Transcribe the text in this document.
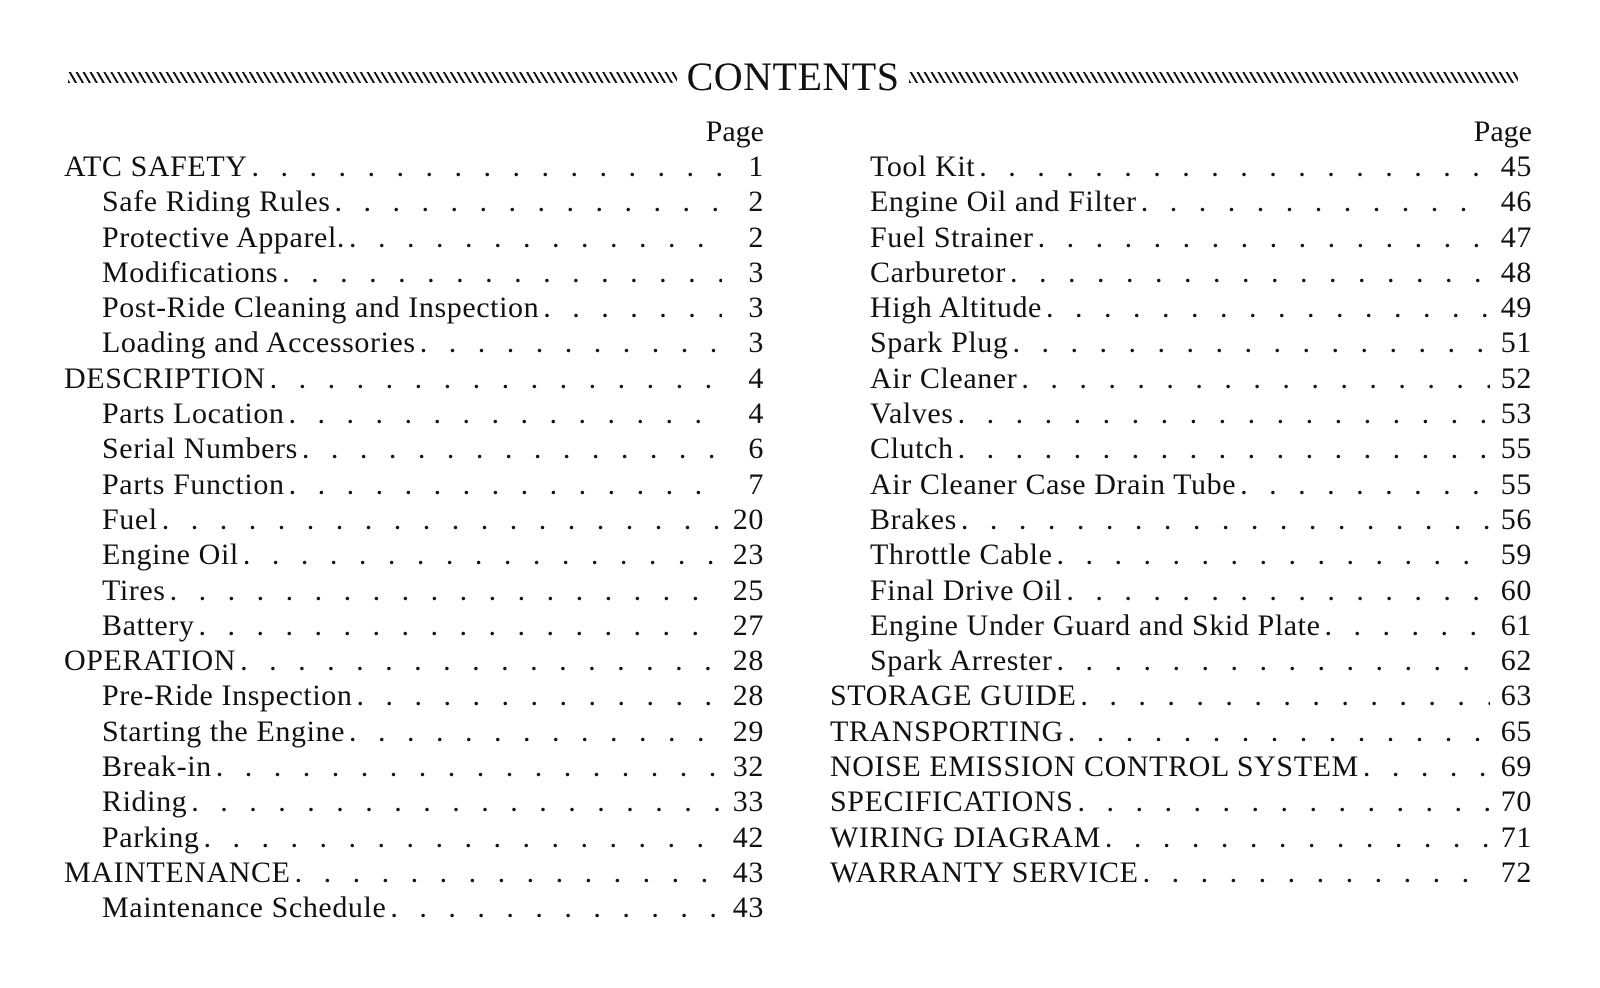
CONTENTS
Page
ATC SAFETY . . .	1
Safe Riding Rules . . .	2
Protective Apparel. . . .	2
Modifications . . .	3
Post-Ride Cleaning and Inspection . . .	3
Loading and Accessories . . .	3
DESCRIPTION . . .	4
Parts Location . . .	4
Serial Numbers . . .	6
Parts Function . . .	7
Fuel . . .	20
Engine Oil . . .	23
Tires . . .	25
Battery . . .	27
OPERATION . . .	28
Pre-Ride Inspection . . .	28
Starting the Engine . . .	29
Break-in . . .	32
Riding . . .	33
Parking . . .	42
MAINTENANCE . . .	43
Maintenance Schedule . . .	43
Page
Tool Kit . . .	45
Engine Oil and Filter . . .	46
Fuel Strainer . . .	47
Carburetor . . .	48
High Altitude . . .	49
Spark Plug . . .	51
Air Cleaner . . .	52
Valves . . .	53
Clutch . . .	55
Air Cleaner Case Drain Tube . . .	55
Brakes . . .	56
Throttle Cable . . .	59
Final Drive Oil . . .	60
Engine Under Guard and Skid Plate . . .	61
Spark Arrester . . .	62
STORAGE GUIDE . . .	63
TRANSPORTING . . .	65
NOISE EMISSION CONTROL SYSTEM . . .	69
SPECIFICATIONS . . .	70
WIRING DIAGRAM . . .	71
WARRANTY SERVICE . . .	72
